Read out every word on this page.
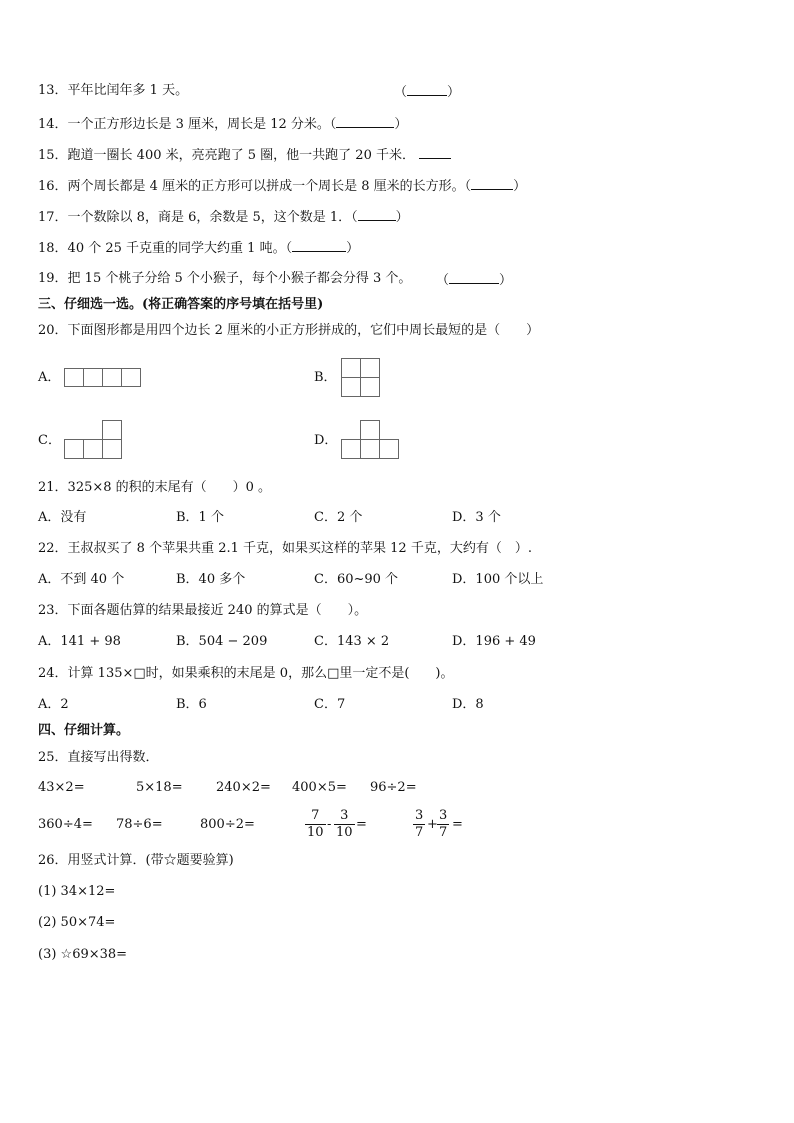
13．平年比闰年多 1 天。	（	）
14．一个正方形边长是 3 厘米，周长是 12 分米。（	）
15．跑道一圈长 400 米，亮亮跑了 5 圈，他一共跑了 20 千米．
16．两个周长都是 4 厘米的正方形可以拼成一个周长是 8 厘米的长方形。（	）
17．一个数除以 8，商是 6，余数是 5，这个数是 1．（	）
18．40 个 25 千克重的同学大约重 1 吨。（	）
19．把 15 个桃子分给 5 个小猴子，每个小猴子都会分得 3 个。 （	）
三、仔细选一选。(将正确答案的序号填在括号里)
20．下面图形都是用四个边长 2 厘米的小正方形拼成的，它们中周长最短的是（　　）
A．	B．
C．	D．
21．325×8 的积的末尾有（　　）0 。
A．没有	B．1 个	C．2 个	D．3 个
22．王叔叔买了 8 个苹果共重 2.1 千克，如果买这样的苹果 12 千克，大约有（　）.
A．不到 40 个	B．40 多个	C．60~90 个	D．100 个以上
23．下面各题估算的结果最接近 240 的算式是（　　）。
A．141 + 98	B．504 − 209	C．143 × 2	D．196 + 49
24．计算 135×□时，如果乘积的末尾是 0，那么□里一定不是(　　)。
A．2	B．6	C．7	D．8
四、仔细计算。
25．直接写出得数．
43×2=	5×18=	240×2= 400×5= 96÷2=
360÷4= 78÷6=	800÷2=	$\frac{7}{10} - \frac{3}{10}$ =	$\frac{3}{7} + \frac{3}{7}$ =
26．用竖式计算．(带☆题要验算)
(1) 34×12=
(2) 50×74=
(3) ☆69×38=
